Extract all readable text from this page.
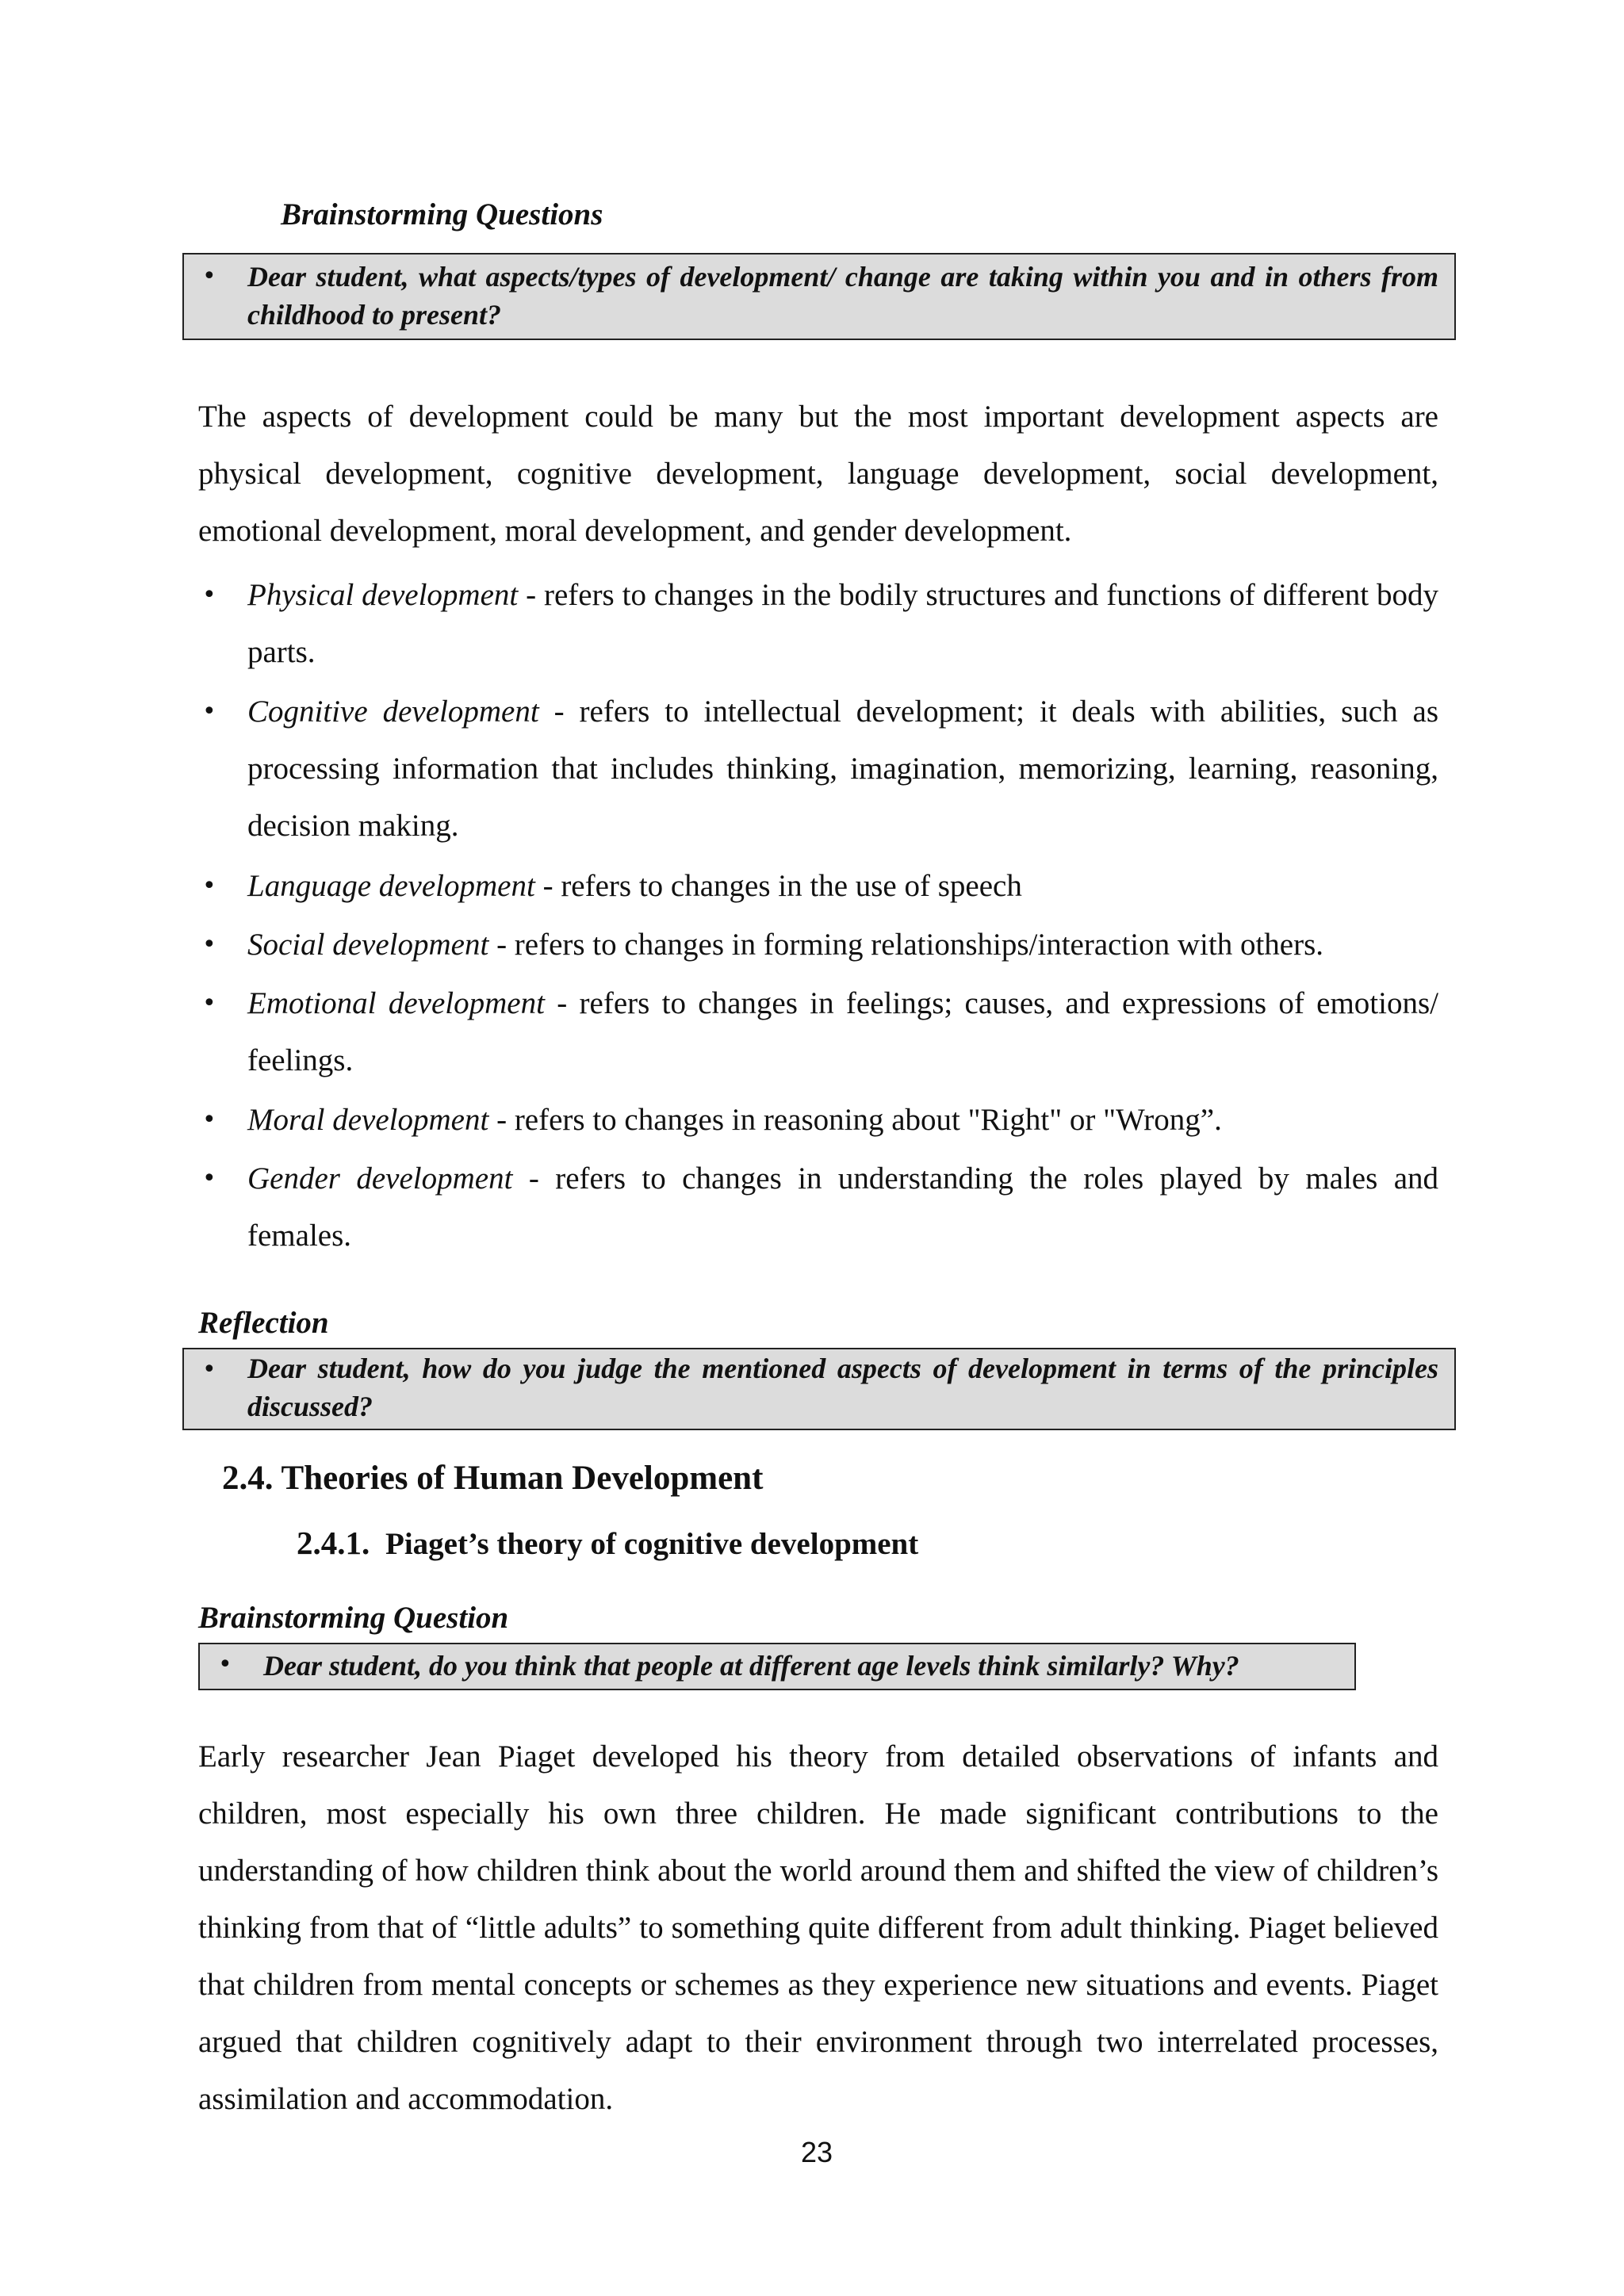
Brainstorming Questions
• Dear student, what aspects/types of development/ change are taking within you and in others from childhood to present?
The aspects of development could be many but the most important development aspects are physical development, cognitive development, language development, social development, emotional development, moral development, and gender development.
• Physical development - refers to changes in the bodily structures and functions of different body parts.
• Cognitive development - refers to intellectual development; it deals with abilities, such as processing information that includes thinking, imagination, memorizing, learning, reasoning, decision making.
• Language development - refers to changes in the use of speech
• Social development - refers to changes in forming relationships/interaction with others.
• Emotional development - refers to changes in feelings; causes, and expressions of emotions/ feelings.
• Moral development - refers to changes in reasoning about "Right" or "Wrong”.
• Gender development - refers to changes in understanding the roles played by males and females.
Reflection
• Dear student, how do you judge the mentioned aspects of development in terms of the principles discussed?
2.4. Theories of Human Development
2.4.1. Piaget’s theory of cognitive development
Brainstorming Question
• Dear student, do you think that people at different age levels think similarly? Why?
Early researcher Jean Piaget developed his theory from detailed observations of infants and children, most especially his own three children. He made significant contributions to the understanding of how children think about the world around them and shifted the view of children’s thinking from that of “little adults” to something quite different from adult thinking. Piaget believed that children from mental concepts or schemes as they experience new situations and events. Piaget argued that children cognitively adapt to their environment through two interrelated processes, assimilation and accommodation.
23
